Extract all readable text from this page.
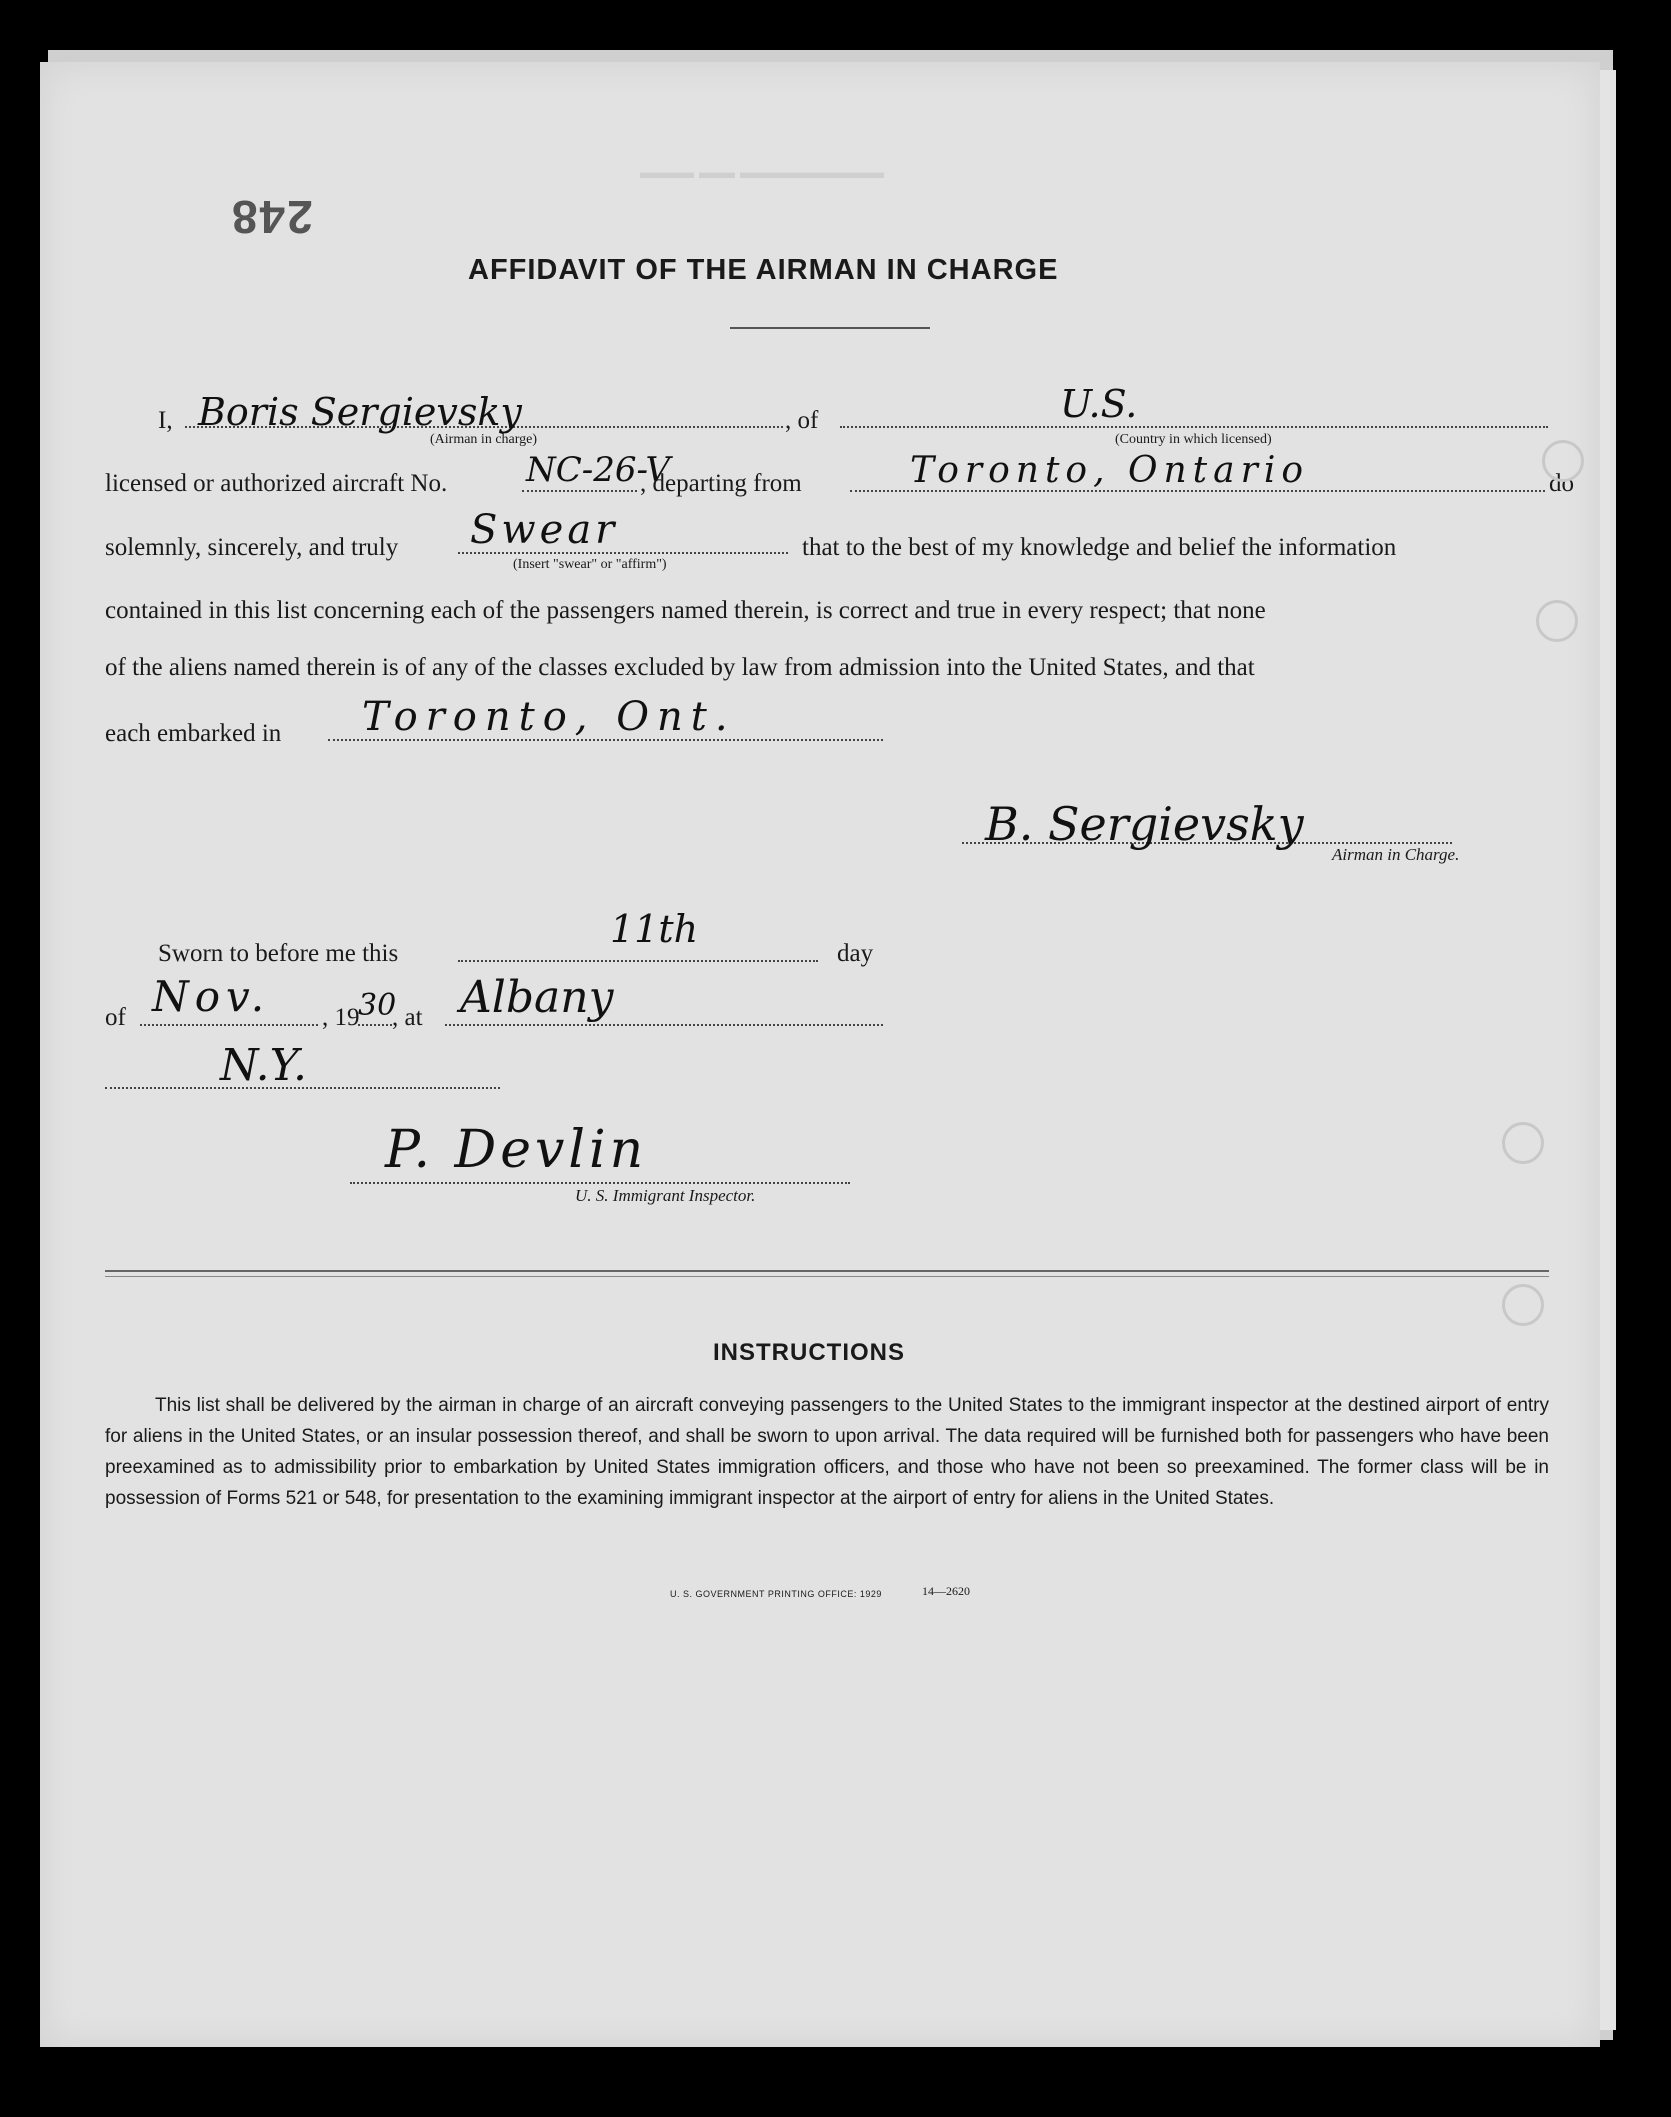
▬▬▬ ▬▬ ▬▬▬▬▬▬▬▬
248
AFFIDAVIT OF THE AIRMAN IN CHARGE
I, Boris Sergievsky
(Airman in charge)
, of	U.S.
(Country in which licensed)
licensed or authorized aircraft No. NC-26-V
, departing from	Toronto, Ontario	do
solemnly, sincerely, and truly Swear
(Insert "swear" or "affirm")
that to the best of my knowledge and belief the information
contained in this list concerning each of the passengers named therein, is correct and true in every respect; that none
of the aliens named therein is of any of the classes excluded by law from admission into the United States, and that
each embarked in Toronto, Ont.
B. Sergievsky
Airman in Charge.
Sworn to before me this
11th
day
of Nov. , 19
30
, at Albany
N.Y.
P. Devlin
U. S. Immigrant Inspector.
INSTRUCTIONS
This list shall be delivered by the airman in charge of an aircraft conveying passengers to the United States to the immigrant inspector at the destined airport of entry for aliens in the United States, or an insular possession thereof, and shall be sworn to upon arrival. The data required will be furnished both for passengers who have been preexamined as to admissibility prior to embarkation by United States immigration officers, and those who have not been so preexamined. The former class will be in possession of Forms 521 or 548, for presentation to the examining immigrant inspector at the airport of entry for aliens in the United States.
U. S. GOVERNMENT PRINTING OFFICE: 1929	14—2620
